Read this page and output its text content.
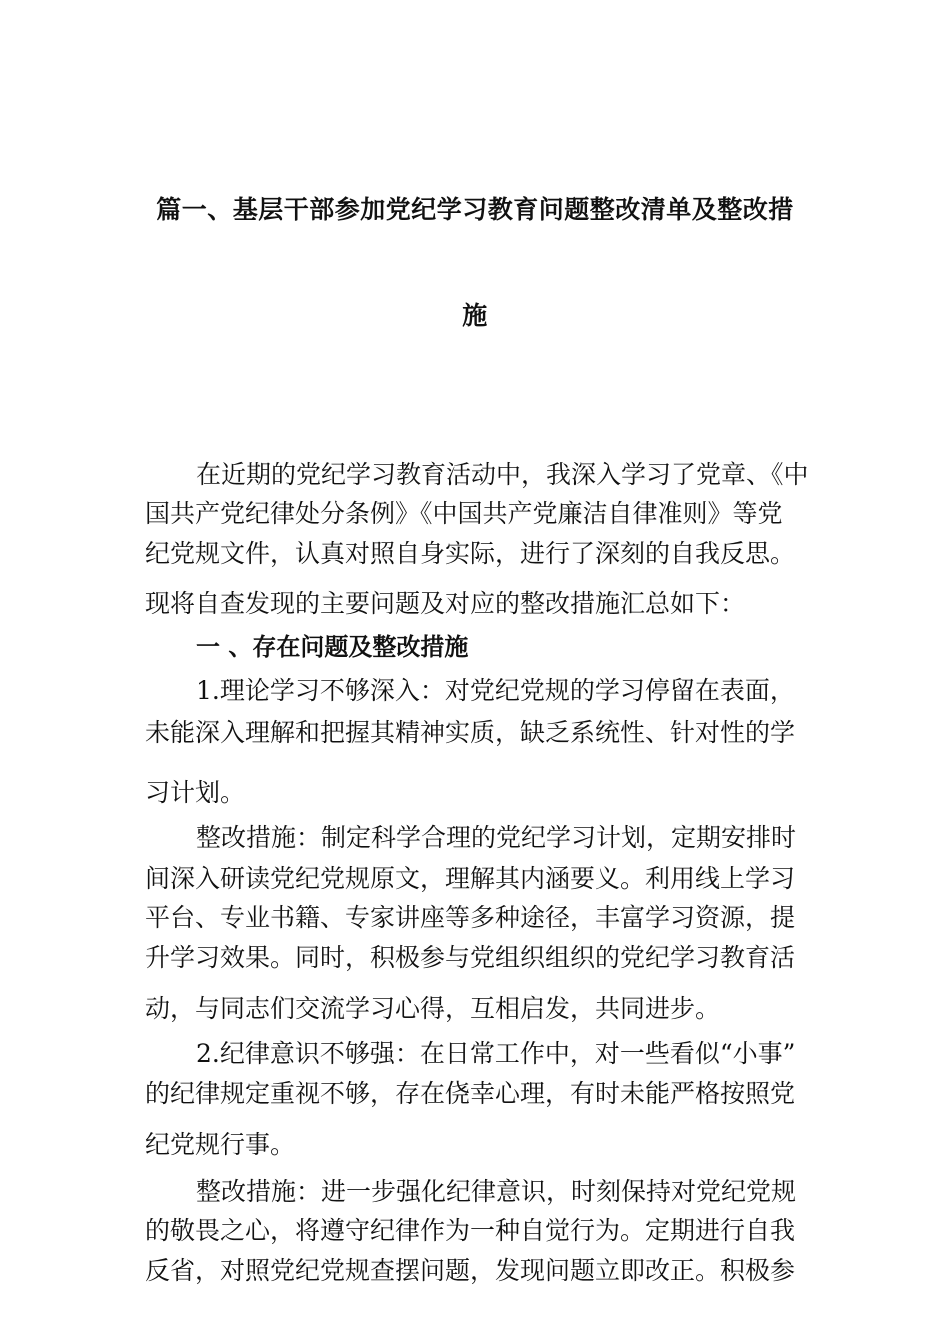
篇一、基层干部参加党纪学习教育问题整改清单及整改措
施

在近期的党纪学习教育活动中，我深入学习了党章、《中

国共产党纪律处分条例》《中国共产党廉洁自律准则》等党

纪党规文件，认真对照自身实际，进行了深刻的自我反思。

现将自查发现的主要问题及对应的整改措施汇总如下：

一 、存在问题及整改措施

1.理论学习不够深入：对党纪党规的学习停留在表面，

未能深入理解和把握其精神实质，缺乏系统性、针对性的学

习计划。

整改措施：制定科学合理的党纪学习计划，定期安排时

间深入研读党纪党规原文，理解其内涵要义。利用线上学习

平台、专业书籍、专家讲座等多种途径，丰富学习资源，提

升学习效果。同时，积极参与党组织组织的党纪学习教育活

动，与同志们交流学习心得，互相启发，共同进步。

2.纪律意识不够强：在日常工作中，对一些看似“小事”

的纪律规定重视不够，存在侥幸心理，有时未能严格按照党

纪党规行事。

整改措施：进一步强化纪律意识，时刻保持对党纪党规

的敬畏之心，将遵守纪律作为一种自觉行为。定期进行自我

反省，对照党纪党规查摆问题，发现问题立即改正。积极参
